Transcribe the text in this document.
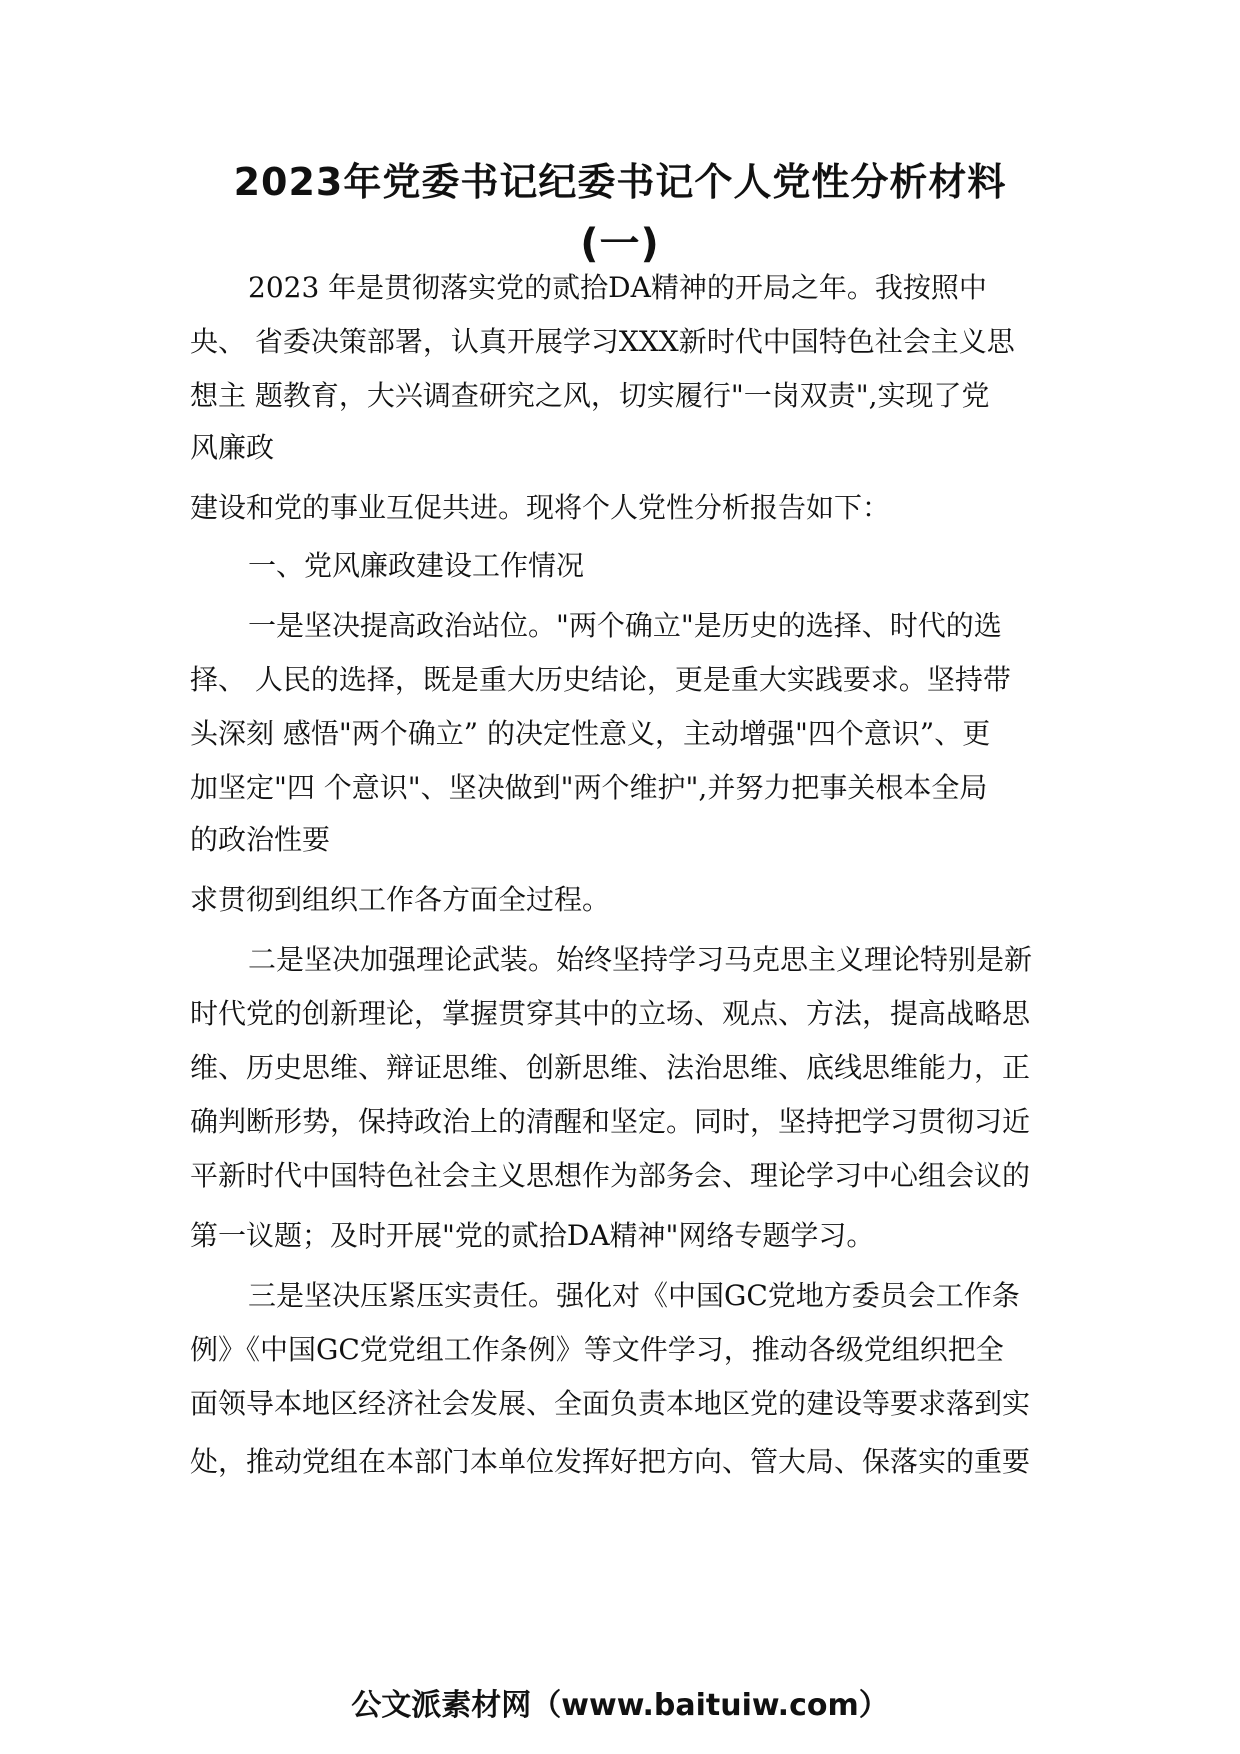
2023年党委书记纪委书记个人党性分析材料
(一)
2023 年是贯彻落实党的贰拾DA精神的开局之年。我按照中
央、 省委决策部署，认真开展学习XXX新时代中国特色社会主义思
想主 题教育，大兴调查研究之风，切实履行"一岗双责",实现了党
风廉政
建设和党的事业互促共进。现将个人党性分析报告如下：
一、党风廉政建设工作情况
一是坚决提高政治站位。"两个确立"是历史的选择、时代的选
择、 人民的选择，既是重大历史结论，更是重大实践要求。坚持带
头深刻 感悟"两个确立” 的决定性意义，主动增强"四个意识”、更
加坚定"四 个意识"、坚决做到"两个维护",并努力把事关根本全局
的政治性要
求贯彻到组织工作各方面全过程。
二是坚决加强理论武装。始终坚持学习马克思主义理论特别是新
时代党的创新理论，掌握贯穿其中的立场、观点、方法，提高战略思
维、历史思维、辩证思维、创新思维、法治思维、底线思维能力，正
确判断形势，保持政治上的清醒和坚定。同时，坚持把学习贯彻习近
平新时代中国特色社会主义思想作为部务会、理论学习中心组会议的
第一议题；及时开展"党的贰拾DA精神"网络专题学习。
三是坚决压紧压实责任。强化对《中国GC党地方委员会工作条
例》《中国GC党党组工作条例》等文件学习，推动各级党组织把全
面领导本地区经济社会发展、全面负责本地区党的建设等要求落到实
处，推动党组在本部门本单位发挥好把方向、管大局、保落实的重要
公文派素材网（www.baituiw.com）
